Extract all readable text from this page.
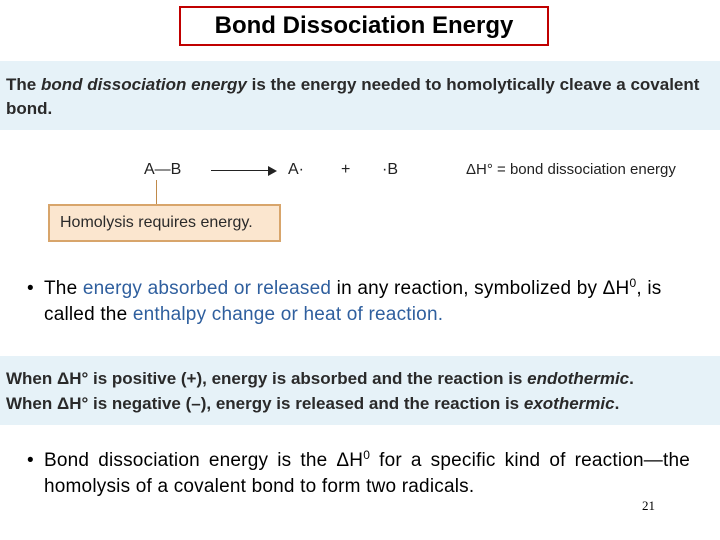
Bond Dissociation Energy
The bond dissociation energy is the energy needed to homolytically cleave a covalent bond.
A—B	A· + ·B	ΔH° = bond dissociation energy
Homolysis requires energy.
• The energy absorbed or released in any reaction, symbolized by $\Delta H^0$, is called the enthalpy change or heat of reaction.
When ΔH° is positive (+), energy is absorbed and the reaction is endothermic.
When ΔH° is negative (–), energy is released and the reaction is exothermic.
• Bond dissociation energy is the $\Delta H^0$ for a specific kind of reaction—the homolysis of a covalent bond to form two radicals.
21
